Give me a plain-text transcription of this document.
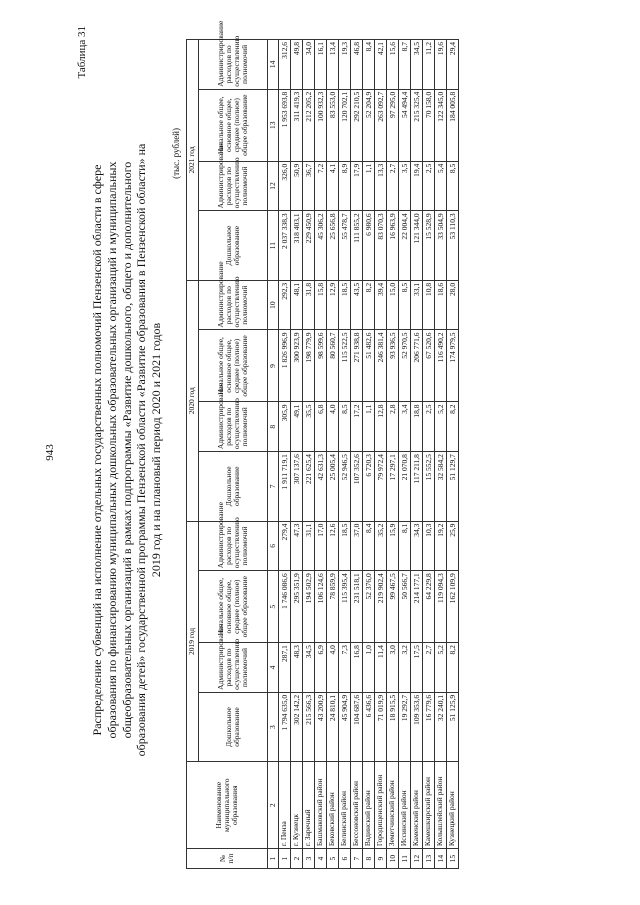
943
Таблица 31
Распределение субвенций на исполнение отдельных государственных полномочий Пензенской области в сфере образования по финансированию муниципальных дошкольных образовательных организаций и муниципальных общеобразовательных организаций в рамках подпрограммы «Развитие дошкольного, общего и дополнительного образования детей» государственной программы Пензенской области «Развитие образования в Пензенской области» на 2019 год и на плановый период 2020 и 2021 годов
(тыс. рублей)
№ п/п	Наименование муниципального образования	2019 год				2020 год				2021 год			
		Дошкольное образование	Администрирование расходов по осуществлению полномочий	Начальное общее, основное общее, среднее (полное) общее образование	Администрирование расходов по осуществлению полномочий	Дошкольное образование	Администрирование расходов по осуществлению полномочий	Начальное общее, основное общее, среднее (полное) общее образование	Администрирование расходов по осуществлению полномочий	Дошкольное образование	Администрирование расходов по осуществлению полномочий	Начальное общее, основное общее, среднее (полное) общее образование	Администрирование расходов по осуществлению полномочий
1	2	3	4	5	6	7	8	9	10	11	12	13	14
1	г. Пенза	1 794 635,0	287,1	1 746 086,6	279,4	1 911 719,1	305,9	1 826 996,9	292,3	2 037 338,3	326,0	1 953 693,8	312,6
2	г. Кузнецк	302 142,2	48,3	295 351,9	47,3	307 137,6	49,1	300 923,9	48,1	318 403,1	50,9	311 419,3	49,8
3	г. Заречный	215 566,3	34,5	194 502,9	31,1	221 625,4	35,5	198 779,9	31,8	229 450,9	36,7	212 205,2	34,0
4	Башмаковский район	43 200,9	6,9	106 124,6	17,0	42 631,3	6,8	98 599,6	15,8	45 306,2	7,2	100 932,3	16,1
5	Бековский район	24 810,1	4,0	78 859,9	12,6	25 005,4	4,0	80 560,7	12,9	25 656,8	4,1	83 553,0	13,4
6	Белинский район	45 904,9	7,3	115 395,4	18,5	52 946,5	8,5	115 522,5	18,5	55 478,7	8,9	120 702,1	19,3
7	Бессоновский район	104 687,6	16,8	231 518,1	37,0	107 352,6	17,2	271 938,8	43,5	111 855,2	17,9	292 210,5	46,8
8	Вадинский район	6 436,6	1,0	52 376,0	8,4	6 720,3	1,1	51 482,6	8,2	6 980,6	1,1	52 204,9	8,4
9	Городищенский район	71 019,9	11,4	219 902,4	35,2	79 972,4	12,8	246 381,4	39,4	83 070,3	13,3	263 092,7	42,1
10	Земетчинский район	18 915,5	3,0	99 467,5	15,9	17 297,1	2,8	93 936,5	15,0	16 963,9	2,7	97 295,0	15,6
11	Иссинский район	19 292,7	3,2	50 566,7	8,1	21 070,8	3,4	52 970,5	8,5	22 004,4	3,5	54 494,4	8,7
12	Каменский район	109 353,6	17,5	214 177,1	34,3	117 211,8	18,8	206 771,6	33,1	121 344,0	19,4	215 325,4	34,5
13	Камешкирский район	16 779,6	2,7	64 229,8	10,3	15 552,5	2,5	67 520,6	10,8	15 528,9	2,5	70 158,0	11,2
14	Колышлейский район	32 240,1	5,2	119 094,3	19,2	32 584,2	5,2	116 490,2	18,6	33 504,9	5,4	122 345,0	19,6
15	Кузнецкий район	51 125,9	8,2	162 109,9	25,9	51 129,7	8,2	174 979,5	28,0	53 110,3	8,5	184 005,8	29,4
